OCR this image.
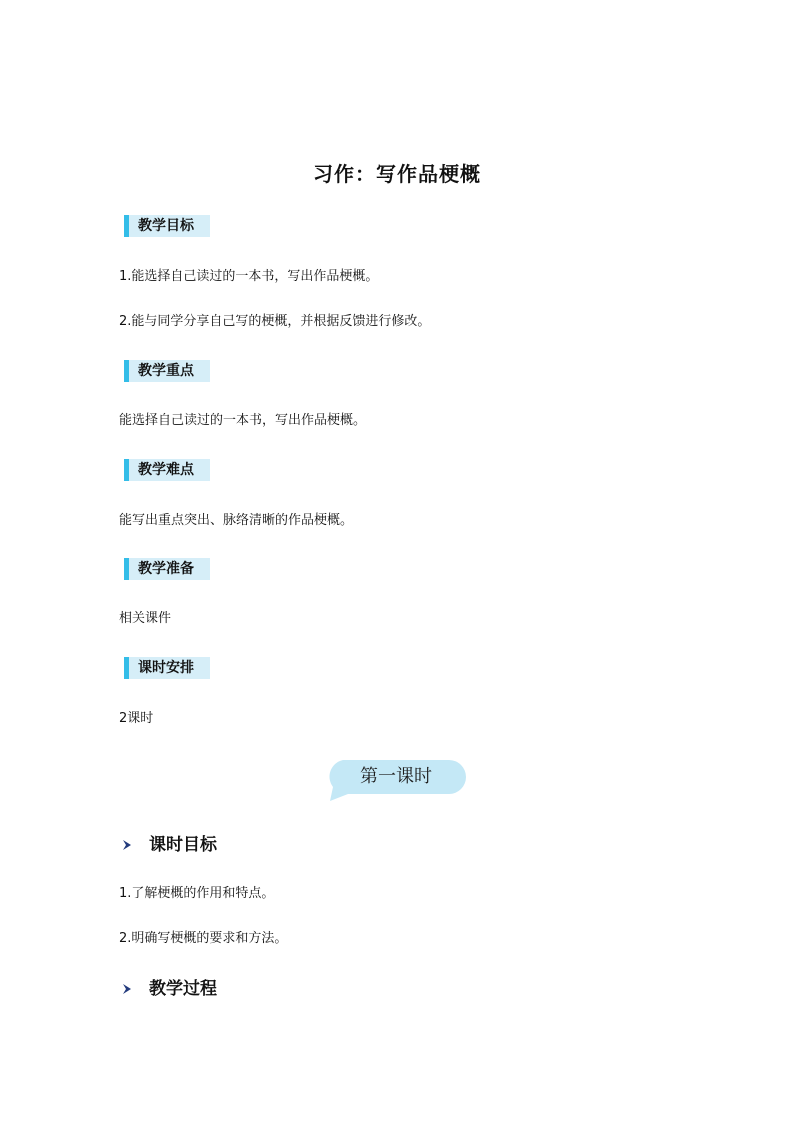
习作：写作品梗概
教学目标
1.能选择自己读过的一本书，写出作品梗概。
2.能与同学分享自己写的梗概，并根据反馈进行修改。
教学重点
能选择自己读过的一本书，写出作品梗概。
教学难点
能写出重点突出、脉络清晰的作品梗概。
教学准备
相关课件
课时安排
2课时
第一课时
课时目标
1.了解梗概的作用和特点。
2.明确写梗概的要求和方法。
教学过程
